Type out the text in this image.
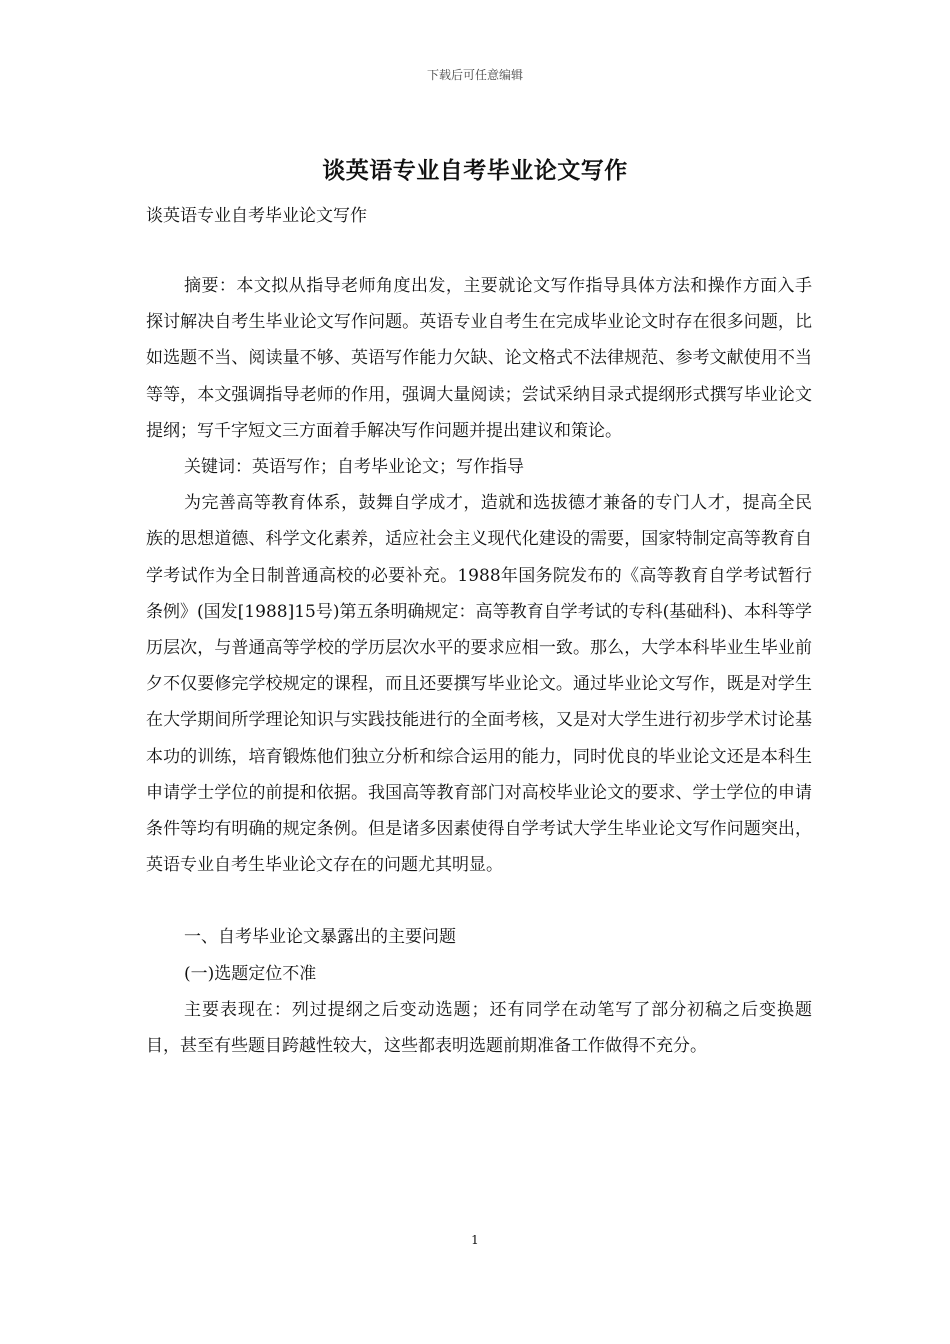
下载后可任意编辑
谈英语专业自考毕业论文写作
谈英语专业自考毕业论文写作

摘要：本文拟从指导老师角度出发，主要就论文写作指导具体方法和操作方面入手探讨解决自考生毕业论文写作问题。英语专业自考生在完成毕业论文时存在很多问题，比如选题不当、阅读量不够、英语写作能力欠缺、论文格式不法律规范、参考文献使用不当等等，本文强调指导老师的作用，强调大量阅读；尝试采纳目录式提纲形式撰写毕业论文提纲；写千字短文三方面着手解决写作问题并提出建议和策论。

关键词：英语写作；自考毕业论文；写作指导

为完善高等教育体系，鼓舞自学成才，造就和选拔德才兼备的专门人才，提高全民族的思想道德、科学文化素养，适应社会主义现代化建设的需要，国家特制定高等教育自学考试作为全日制普通高校的必要补充。1988年国务院发布的《高等教育自学考试暂行条例》(国发[1988]15号)第五条明确规定：高等教育自学考试的专科(基础科)、本科等学历层次，与普通高等学校的学历层次水平的要求应相一致。那么，大学本科毕业生毕业前夕不仅要修完学校规定的课程，而且还要撰写毕业论文。通过毕业论文写作，既是对学生在大学期间所学理论知识与实践技能进行的全面考核，又是对大学生进行初步学术讨论基本功的训练，培育锻炼他们独立分析和综合运用的能力，同时优良的毕业论文还是本科生申请学士学位的前提和依据。我国高等教育部门对高校毕业论文的要求、学士学位的申请条件等均有明确的规定条例。但是诸多因素使得自学考试大学生毕业论文写作问题突出，英语专业自考生毕业论文存在的问题尤其明显。

一、自考毕业论文暴露出的主要问题

(一)选题定位不准

主要表现在：列过提纲之后变动选题；还有同学在动笔写了部分初稿之后变换题目，甚至有些题目跨越性较大，这些都表明选题前期准备工作做得不充分。

1
